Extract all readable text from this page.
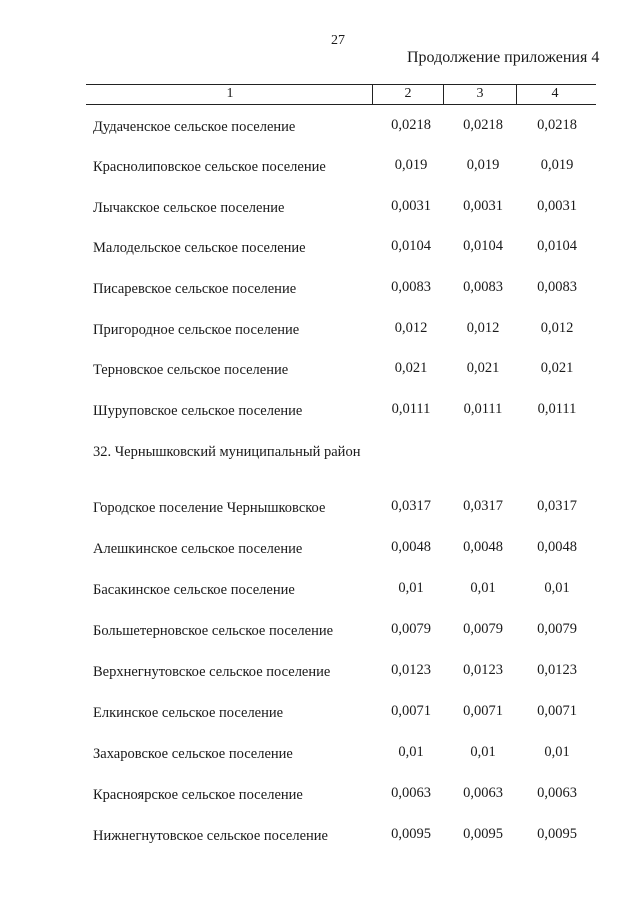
27
Продолжение приложения 4
1	2	3	4
Дудаченское сельское поселение	0,0218	0,0218	0,0218
Краснолиповское сельское поселение	0,019	0,019	0,019
Лычакское сельское поселение	0,0031	0,0031	0,0031
Малодельское сельское поселение	0,0104	0,0104	0,0104
Писаревское сельское поселение	0,0083	0,0083	0,0083
Пригородное сельское поселение	0,012	0,012	0,012
Терновское сельское поселение	0,021	0,021	0,021
Шуруповское сельское поселение	0,0111	0,0111	0,0111
32. Чернышковский муниципальный район
Городское поселение Чернышковское	0,0317	0,0317	0,0317
Алешкинское сельское поселение	0,0048	0,0048	0,0048
Басакинское сельское поселение	0,01	0,01	0,01
Большетерновское сельское поселение	0,0079	0,0079	0,0079
Верхнегнутовское сельское поселение	0,0123	0,0123	0,0123
Елкинское сельское поселение	0,0071	0,0071	0,0071
Захаровское сельское поселение	0,01	0,01	0,01
Красноярское сельское поселение	0,0063	0,0063	0,0063
Нижнегнутовское сельское поселение	0,0095	0,0095	0,0095
